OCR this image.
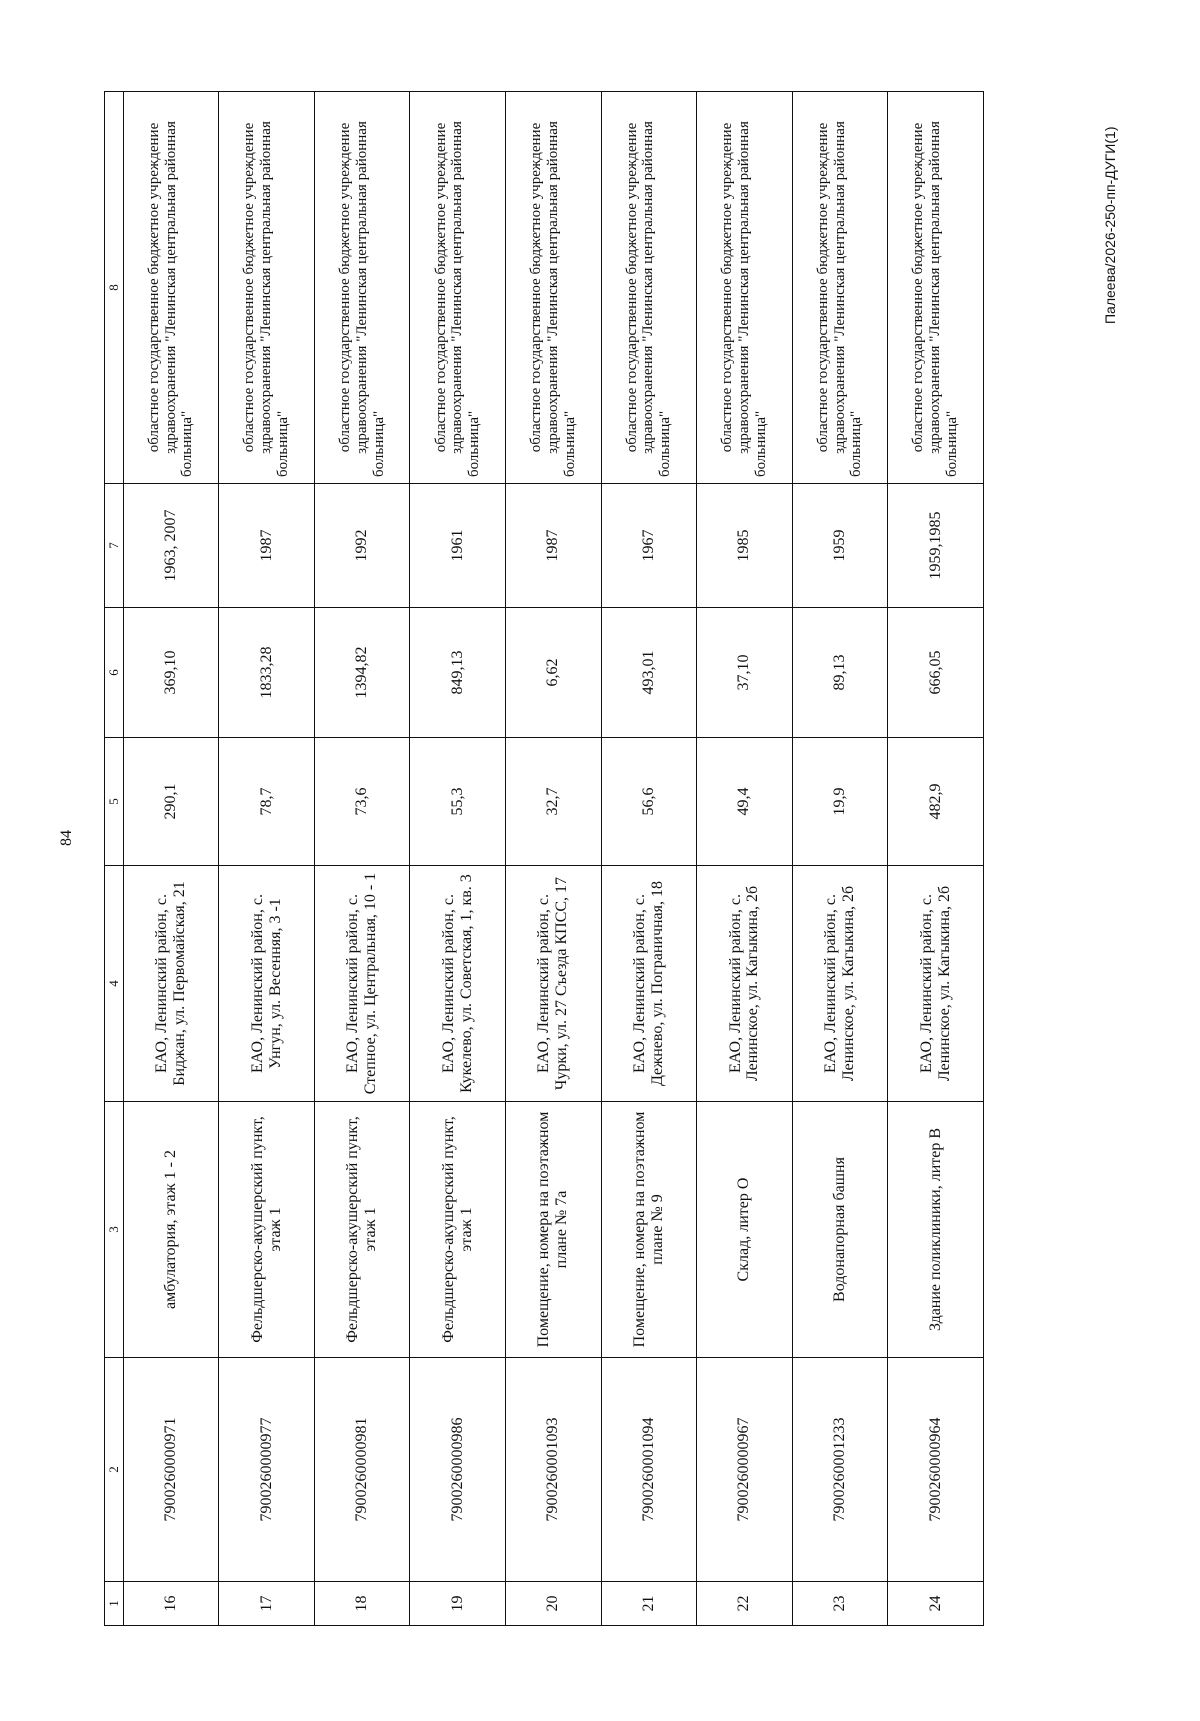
84
Палеева/2026-250-пп-ДУГИ(1)
1	2	3	4	5	6	7	8
16	7900260000971	амбулатория, этаж 1 - 2	ЕАО, Ленинский район, с. Биджан, ул. Первомайская, 21	290,1	369,10	1963, 2007	областное государственное бюджетное учреждение здравоохранения "Ленинская центральная районная больница"
17	7900260000977	Фельдшерско-акушерский пункт, этаж 1	ЕАО, Ленинский район, с. Унгун, ул. Весенняя, 3 -1	78,7	1833,28	1987	областное государственное бюджетное учреждение здравоохранения "Ленинская центральная районная больница"
18	7900260000981	Фельдшерско-акушерский пункт, этаж 1	ЕАО, Ленинский район, с. Степное, ул. Центральная, 10 - 1	73,6	1394,82	1992	областное государственное бюджетное учреждение здравоохранения "Ленинская центральная районная больница"
19	7900260000986	Фельдшерско-акушерский пункт, этаж 1	ЕАО, Ленинский район, с. Кукелево, ул. Советская, 1, кв. 3	55,3	849,13	1961	областное государственное бюджетное учреждение здравоохранения "Ленинская центральная районная больница"
20	7900260001093	Помещение, номера на поэтажном плане № 7а	ЕАО, Ленинский район, с. Чурки, ул. 27 Съезда КПСС, 17	32,7	6,62	1987	областное государственное бюджетное учреждение здравоохранения "Ленинская центральная районная больница"
21	7900260001094	Помещение, номера на поэтажном плане № 9	ЕАО, Ленинский район, с. Дежнево, ул. Пограничная, 18	56,6	493,01	1967	областное государственное бюджетное учреждение здравоохранения "Ленинская центральная районная больница"
22	7900260000967	Склад, литер О	ЕАО, Ленинский район, с. Ленинское, ул. Кагыкина, 2б	49,4	37,10	1985	областное государственное бюджетное учреждение здравоохранения "Ленинская центральная районная больница"
23	7900260001233	Водонапорная башня	ЕАО, Ленинский район, с. Ленинское, ул. Кагыкина, 2б	19,9	89,13	1959	областное государственное бюджетное учреждение здравоохранения "Ленинская центральная районная больница"
24	7900260000964	Здание поликлиники, литер В	ЕАО, Ленинский район, с. Ленинское, ул. Кагыкина, 2б	482,9	666,05	1959,1985	областное государственное бюджетное учреждение здравоохранения "Ленинская центральная районная больница"
